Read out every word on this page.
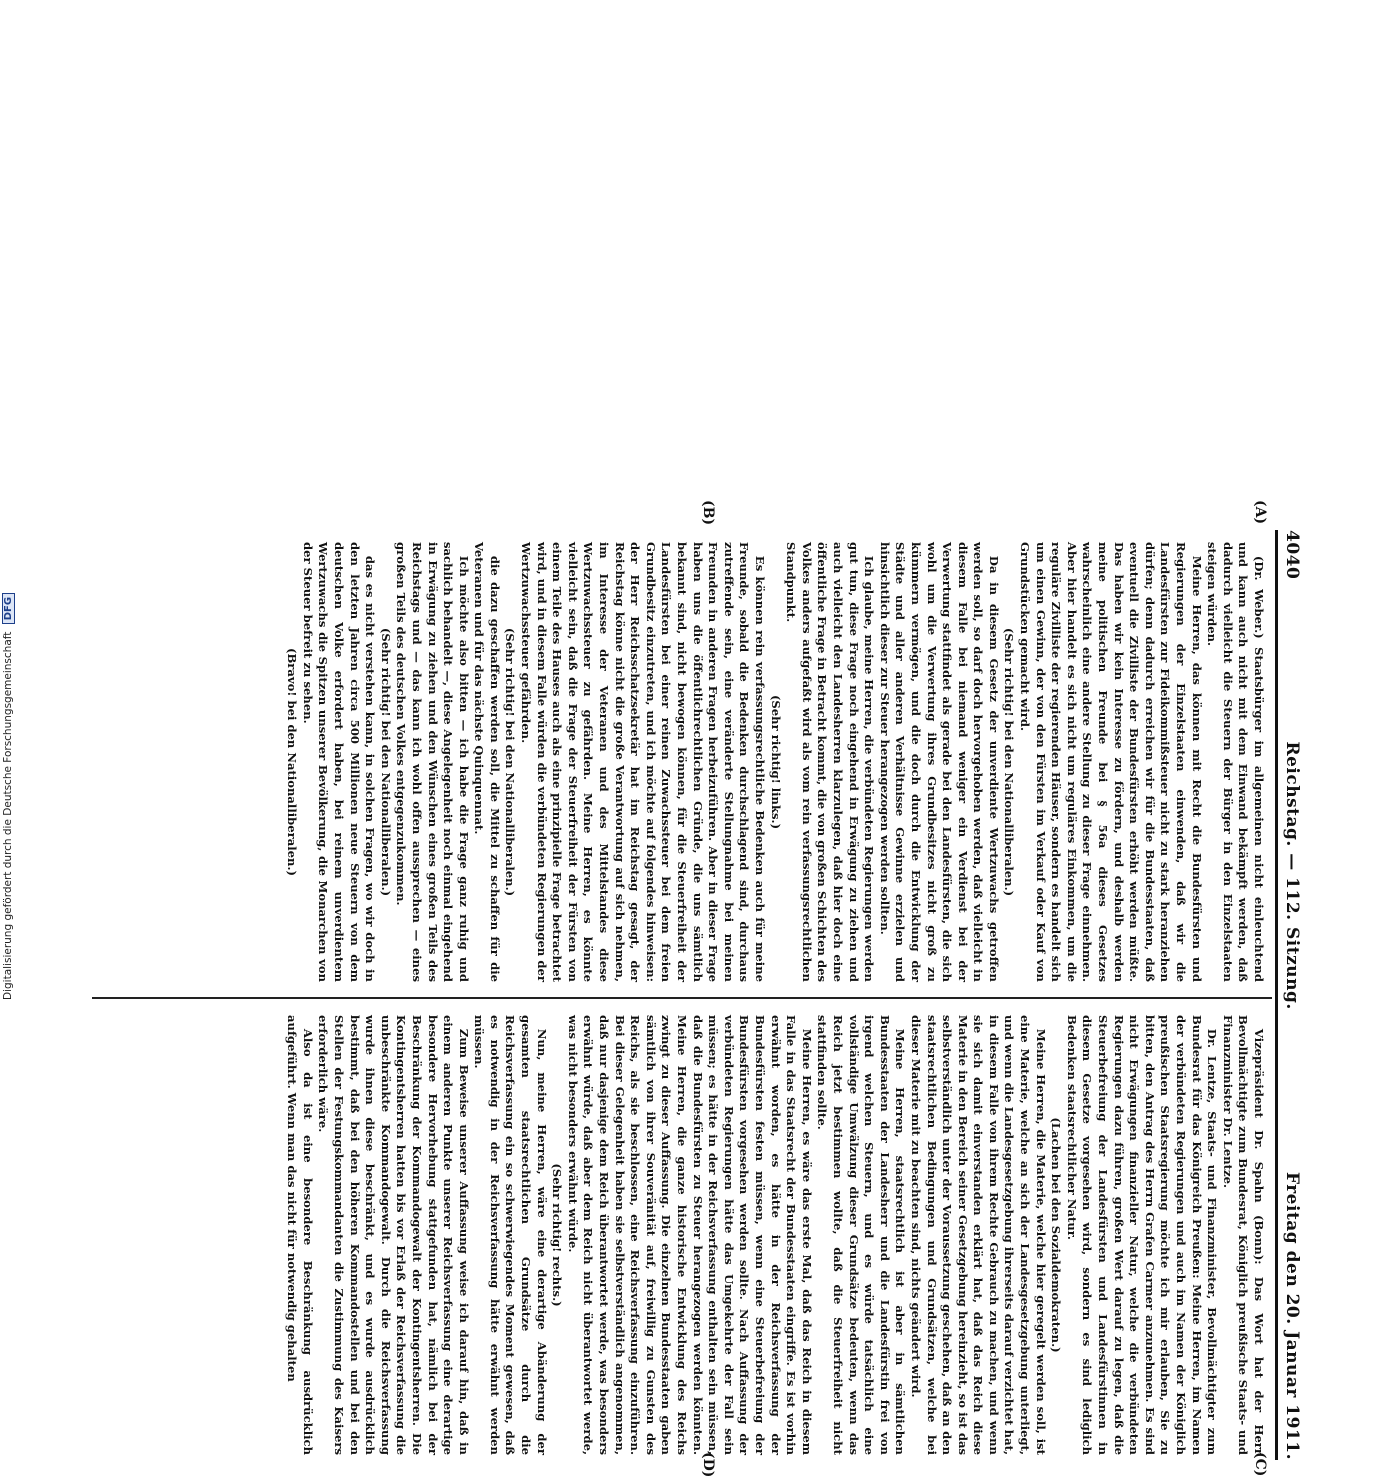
4040
Reichstag. — 112. Sitzung.
Freitag den 20. Januar 1911.
(A)
(B)
(C)
(D)

(Dr. Weber.) Staatsbürger im allgemeinen nicht einleuchtend und kann auch nicht mit dem Einwand bekämpft werden, daß dadurch vielleicht die Steuern der Bürger in den Einzelstaaten steigen würden.

Meine Herren, das können mit Recht die Bundesfürsten und Regierungen der Einzelstaaten einwenden, daß wir die Landesfürsten zur Fideikommißsteuer nicht zu stark heranziehen dürfen; denn dadurch erreichen wir für die Bundesstaaten, daß eventuell die Zivilliste der Bundesfürsten erhöht werden müßte. Das haben wir kein Interesse zu fördern, und deshalb werden meine politischen Freunde bei § 56a dieses Gesetzes wahrscheinlich eine andere Stellung zu dieser Frage einnehmen. Aber hier handelt es sich nicht um reguläres Einkommen, um die reguläre Zivilliste der regierenden Häuser, sondern es handelt sich um einen Gewinn, der von den Fürsten im Verkauf oder Kauf von Grundstücken gemacht wird.

(Sehr richtig! bei den Nationalliberalen.)

Da in diesem Gesetz der unverdiente Wertzuwachs getroffen werden soll, so darf doch hervorgehoben werden, daß vielleicht in diesem Falle bei niemand weniger ein Verdienst bei der Verwertung stattfindet als gerade bei den Landesfürsten, die sich wohl um die Verwertung ihres Grundbesitzes nicht groß zu kümmern vermögen, und die doch durch die Entwicklung der Städte und aller anderen Verhältnisse Gewinne erzielen und hinsichtlich dieser zur Steuer herangezogen werden sollten.

Ich glaube, meine Herren, die verbündeten Regierungen werden gut tun, diese Frage noch eingehend in Erwägung zu ziehen und auch vielleicht den Landesherren klarzulegen, daß hier doch eine öffentliche Frage in Betracht kommt, die von großen Schichten des Volkes anders aufgefaßt wird als vom rein verfassungsrechtlichen Standpunkt.

(Sehr richtig! links.)

Es können rein verfassungsrechtliche Bedenken auch für meine Freunde, sobald die Bedenken durchschlagend sind, durchaus zutreffende sein, eine veränderte Stellungnahme bei meinen Freunden in anderen Fragen herbeizuführen. Aber in dieser Frage haben uns die öffentlichrechtlichen Gründe, die uns sämtlich bekannt sind, nicht bewogen können, für die Steuerfreiheit der Landesfürsten bei einer reinen Zuwachssteuer bei dem freien Grundbesitz einzutreten, und ich möchte auf folgendes hinweisen: der Herr Reichsschatzsekretär hat im Reichstag gesagt, der Reichstag könne nicht die große Verantwortung auf sich nehmen, im Interesse der Veteranen und des Mittelstandes diese Wertzuwachssteuer zu gefährden. Meine Herren, es könnte vielleicht sein, daß die Frage der Steuerfreiheit der Fürsten von einem Teile des Hauses auch als eine prinzipielle Frage betrachtet wird, und in diesem Falle würden die verbündeten Regierungen der Wertzuwachssteuer gefährden.

(Sehr richtig! bei den Nationalliberalen.)

die dazu geschaffen werden soll, die Mittel zu schaffen für die Veteranen und für das nächste Quinquennat.

Ich möchte also bitten — ich habe die Frage ganz ruhig und sachlich behandelt —, diese Angelegenheit noch einmal eingehend in Erwägung zu ziehen und den Wünschen eines großen Teils des Reichstags und — das kann ich wohl offen aussprechen — eines großen Teils des deutschen Volkes entgegenzukommen.

(Sehr richtig! bei den Nationalliberalen.)

das es nicht verstehen kann, in solchen Fragen, wo wir doch in den letzten Jahren circa 500 Millionen neue Steuern von dem deutschen Volke erfordert haben, bei reinem unverdientem Wertzuwachs die Spitzen unserer Bevölkerung, die Monarchen von der Steuer befreit zu sehen.

(Bravo! bei den Nationalliberalen.)

Vizepräsident Dr. Spahn (Bonn): Das Wort hat der Herr Bevollmächtigte zum Bundesrat, Königlich preußische Staats- und Finanzminister Dr. Lentze.

Dr. Lentze, Staats- und Finanzminister, Bevollmächtigter zum Bundesrat für das Königreich Preußen: Meine Herren, im Namen der verbündeten Regierungen und auch im Namen der Königlich preußischen Staatsregierung möchte ich mir erlauben, Sie zu bitten, den Antrag des Herrn Grafen Carmer anzunehmen. Es sind nicht Erwägungen finanzieller Natur, welche die verbündeten Regierungen dazu führen, großen Wert darauf zu legen, daß die Steuerbefreiung der Landesfürsten und Landesfürstinnen in diesem Gesetze vorgesehen wird, sondern es sind lediglich Bedenken staatsrechtlicher Natur.

(Lachen bei den Sozialdemokraten.)

Meine Herren, die Materie, welche hier geregelt werden soll, ist eine Materie, welche an sich der Landesgesetzgebung unterliegt, und wenn die Landesgesetzgebung ihrerseits darauf verzichtet hat, in diesem Falle von ihrem Rechte Gebrauch zu machen, und wenn sie sich damit einverstanden erklärt hat, daß das Reich diese Materie in den Bereich seiner Gesetzgebung hereinzieht, so ist das selbstverständlich unter der Voraussetzung geschehen, daß an den staatsrechtlichen Bedingungen und Grundsätzen, welche bei dieser Materie mit zu beachten sind, nichts geändert wird.

Meine Herren, staatsrechtlich ist aber in sämtlichen Bundesstaaten der Landesherr und die Landesfürstin frei von irgend welchen Steuern, und es würde tatsächlich eine vollständige Umwälzung dieser Grundsätze bedeuten, wenn das Reich jetzt bestimmen wollte, daß die Steuerfreiheit nicht stattfinden sollte.

Meine Herren, es wäre das erste Mal, daß das Reich in diesem Falle in das Staatsrecht der Bundesstaaten eingriffe. Es ist vorhin erwähnt worden, es hätte in der Reichsverfassung der Bundesfürsten festen müssen, wenn eine Steuerbefreiung der Bundesfürsten vorgesehen werden sollte. Nach Auffassung der verbündeten Regierungen hätte das Umgekehrte der Fall sein müssen; es hätte in der Reichsverfassung enthalten sein müssen, daß die Bundesfürsten zu Steuer herangezogen werden könnten. Meine Herren, die ganze historische Entwicklung des Reichs zwingt zu dieser Auffassung. Die einzelnen Bundesstaaten gaben sämtlich von ihrer Souveränität auf, freiwillig zu Gunsten des Reichs, als sie beschlossen, eine Reichsverfassung einzuführen. Bei dieser Gelegenheit haben sie selbstverständlich angenommen, daß nur dasjenige dem Reich überantwortet werde, was besonders erwähnt würde, daß aber dem Reich nicht überantwortet werde, was nicht besonders erwähnt würde.

(Sehr richtig! rechts.)

Nun, meine Herren, wäre eine derartige Abänderung der gesamten staatsrechtlichen Grundsätze durch die Reichsverfassung ein so schwerwiegendes Moment gewesen, daß es notwendig in der Reichsverfassung hätte erwähnt werden müssen.

Zum Beweise unserer Auffassung weise ich darauf hin, daß in einem anderen Punkte unserer Reichsverfassung eine derartige besondere Hervorhebung stattgefunden hat, nämlich bei der Beschränkung der Kommandogewalt der Kontingentsherren. Die Kontingentsherren hatten bis vor Erlaß der Reichsverfassung die unbeschränkte Kommandogewalt. Durch die Reichsverfassung wurde ihnen diese beschränkt, und es wurde ausdrücklich bestimmt, daß bei den höheren Kommandostellen und bei den Stellen der Festungskommandanten die Zustimmung des Kaisers erforderlich wäre.

Also da ist eine besondere Beschränkung ausdrücklich aufgeführt. Wenn man das nicht für notwendig gehalten

Digitalisierung gefördert durch die Deutsche Forschungsgemeinschaft DFG
